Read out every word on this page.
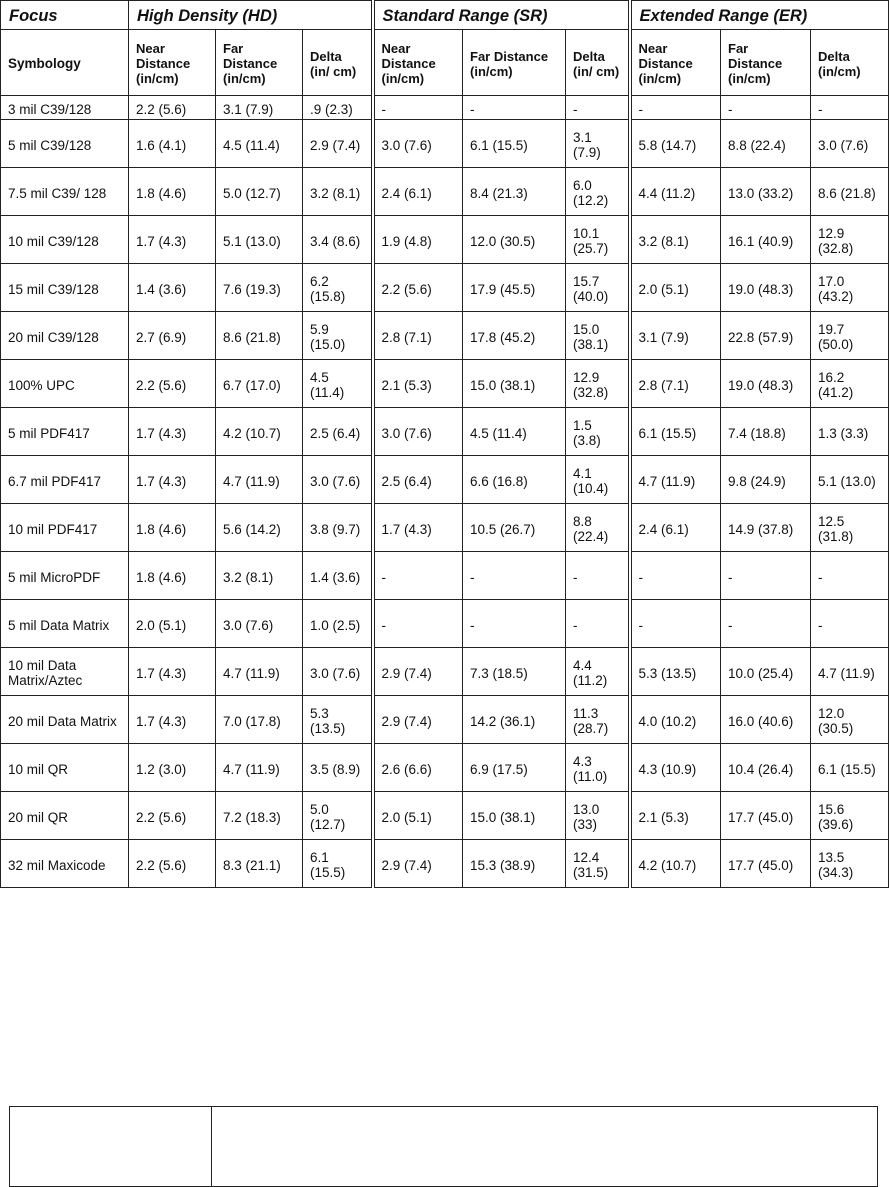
Focus	High Density (HD)			Standard Range (SR)			Extended Range (ER)		
Symbology	Near Distance (in/cm)	Far Distance (in/cm)	Delta (in/ cm)	Near Distance (in/cm)	Far Distance (in/cm)	Delta (in/ cm)	Near Distance (in/cm)	Far Distance (in/cm)	Delta (in/cm)
3 mil C39/128	2.2 (5.6)	3.1 (7.9)	.9 (2.3)	-	-	-	-	-	-
5 mil C39/128	1.6 (4.1)	4.5 (11.4)	2.9 (7.4)	3.0 (7.6)	6.1 (15.5)	3.1 (7.9)	5.8 (14.7)	8.8 (22.4)	3.0 (7.6)
7.5 mil C39/ 128	1.8 (4.6)	5.0 (12.7)	3.2 (8.1)	2.4 (6.1)	8.4 (21.3)	6.0 (12.2)	4.4 (11.2)	13.0 (33.2)	8.6 (21.8)
10 mil C39/128	1.7 (4.3)	5.1 (13.0)	3.4 (8.6)	1.9 (4.8)	12.0 (30.5)	10.1 (25.7)	3.2 (8.1)	16.1 (40.9)	12.9 (32.8)
15 mil C39/128	1.4 (3.6)	7.6 (19.3)	6.2 (15.8)	2.2 (5.6)	17.9 (45.5)	15.7 (40.0)	2.0 (5.1)	19.0 (48.3)	17.0 (43.2)
20 mil C39/128	2.7 (6.9)	8.6 (21.8)	5.9 (15.0)	2.8 (7.1)	17.8 (45.2)	15.0 (38.1)	3.1 (7.9)	22.8 (57.9)	19.7 (50.0)
100% UPC	2.2 (5.6)	6.7 (17.0)	4.5 (11.4)	2.1 (5.3)	15.0 (38.1)	12.9 (32.8)	2.8 (7.1)	19.0 (48.3)	16.2 (41.2)
5 mil PDF417	1.7 (4.3)	4.2 (10.7)	2.5 (6.4)	3.0 (7.6)	4.5 (11.4)	1.5 (3.8)	6.1 (15.5)	7.4 (18.8)	1.3 (3.3)
6.7 mil PDF417	1.7 (4.3)	4.7 (11.9)	3.0 (7.6)	2.5 (6.4)	6.6 (16.8)	4.1 (10.4)	4.7 (11.9)	9.8 (24.9)	5.1 (13.0)
10 mil PDF417	1.8 (4.6)	5.6 (14.2)	3.8 (9.7)	1.7 (4.3)	10.5 (26.7)	8.8 (22.4)	2.4 (6.1)	14.9 (37.8)	12.5 (31.8)
5 mil MicroPDF	1.8 (4.6)	3.2 (8.1)	1.4 (3.6)	-	-	-	-	-	-
5 mil Data Matrix	2.0 (5.1)	3.0 (7.6)	1.0 (2.5)	-	-	-	-	-	-
10 mil Data Matrix/Aztec	1.7 (4.3)	4.7 (11.9)	3.0 (7.6)	2.9 (7.4)	7.3 (18.5)	4.4 (11.2)	5.3 (13.5)	10.0 (25.4)	4.7 (11.9)
20 mil Data Matrix	1.7 (4.3)	7.0 (17.8)	5.3 (13.5)	2.9 (7.4)	14.2 (36.1)	11.3 (28.7)	4.0 (10.2)	16.0 (40.6)	12.0 (30.5)
10 mil QR	1.2 (3.0)	4.7 (11.9)	3.5 (8.9)	2.6 (6.6)	6.9 (17.5)	4.3 (11.0)	4.3 (10.9)	10.4 (26.4)	6.1 (15.5)
20 mil QR	2.2 (5.6)	7.2 (18.3)	5.0 (12.7)	2.0 (5.1)	15.0 (38.1)	13.0 (33)	2.1 (5.3)	17.7 (45.0)	15.6 (39.6)
32 mil Maxicode	2.2 (5.6)	8.3 (21.1)	6.1 (15.5)	2.9 (7.4)	15.3 (38.9)	12.4 (31.5)	4.2 (10.7)	17.7 (45.0)	13.5 (34.3)
